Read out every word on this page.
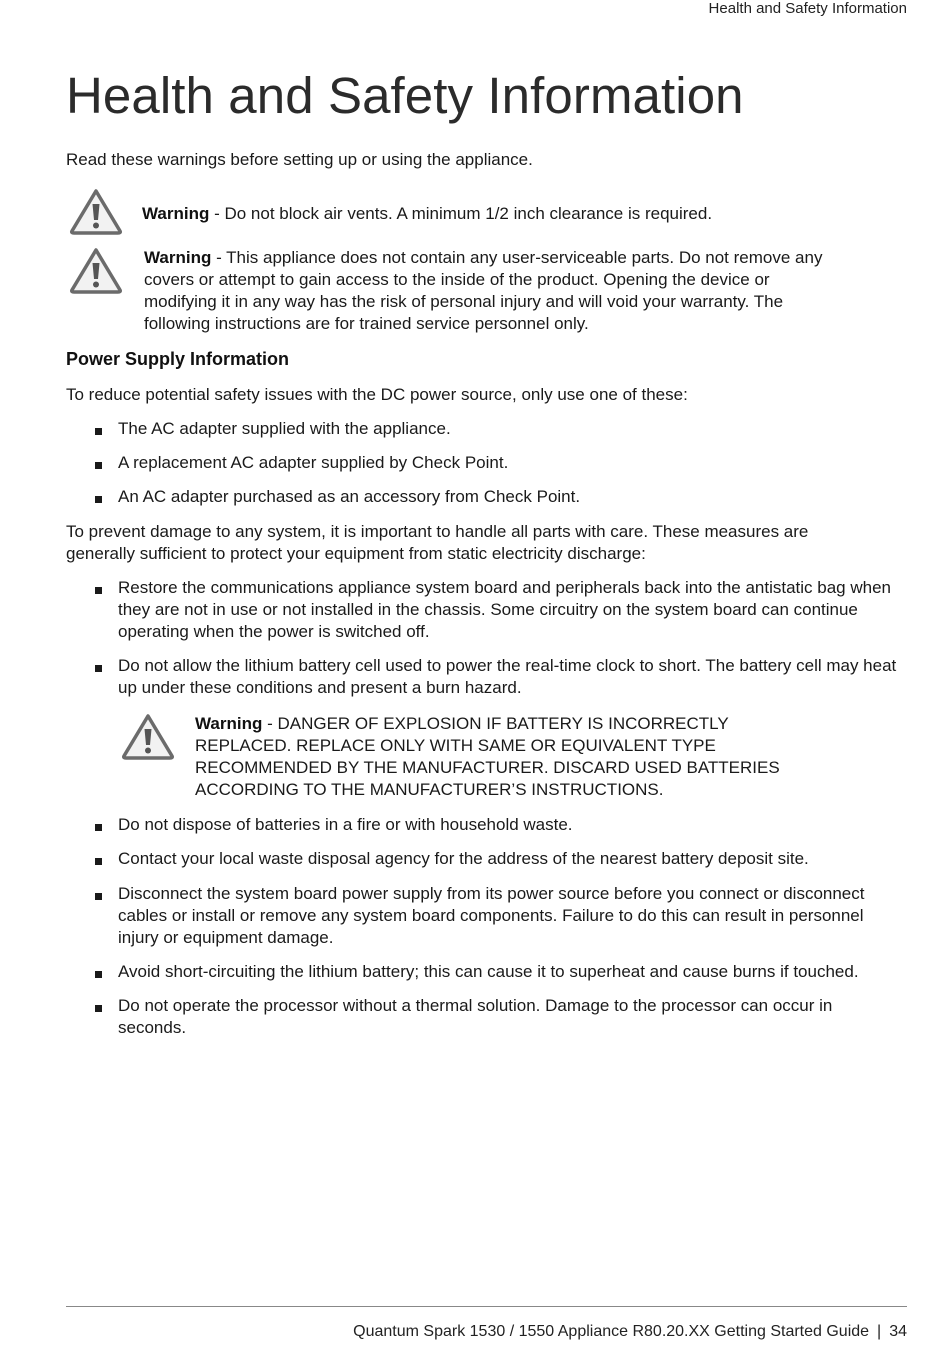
Health and Safety Information
Health and Safety Information

Read these warnings before setting up or using the appliance.

Warning - Do not block air vents. A minimum 1/2 inch clearance is required.

Warning - This appliance does not contain any user-serviceable parts. Do not remove any covers or attempt to gain access to the inside of the product. Opening the device or modifying it in any way has the risk of personal injury and will void your warranty. The following instructions are for trained service personnel only.

Power Supply Information

To reduce potential safety issues with the DC power source, only use one of these:

The AC adapter supplied with the appliance.

A replacement AC adapter supplied by Check Point.

An AC adapter purchased as an accessory from Check Point.

To prevent damage to any system, it is important to handle all parts with care. These measures are generally sufficient to protect your equipment from static electricity discharge:

Restore the communications appliance system board and peripherals back into the antistatic bag when they are not in use or not installed in the chassis. Some circuitry on the system board can continue operating when the power is switched off.

Do not allow the lithium battery cell used to power the real-time clock to short. The battery cell may heat up under these conditions and present a burn hazard.

Warning - DANGER OF EXPLOSION IF BATTERY IS INCORRECTLY REPLACED. REPLACE ONLY WITH SAME OR EQUIVALENT TYPE RECOMMENDED BY THE MANUFACTURER. DISCARD USED BATTERIES ACCORDING TO THE MANUFACTURER’S INSTRUCTIONS.

Do not dispose of batteries in a fire or with household waste.

Contact your local waste disposal agency for the address of the nearest battery deposit site.

Disconnect the system board power supply from its power source before you connect or disconnect cables or install or remove any system board components. Failure to do this can result in personnel injury or equipment damage.

Avoid short-circuiting the lithium battery; this can cause it to superheat and cause burns if touched.

Do not operate the processor without a thermal solution. Damage to the processor can occur in seconds.

Quantum Spark 1530 / 1550 Appliance R80.20.XX Getting Started Guide | 34
